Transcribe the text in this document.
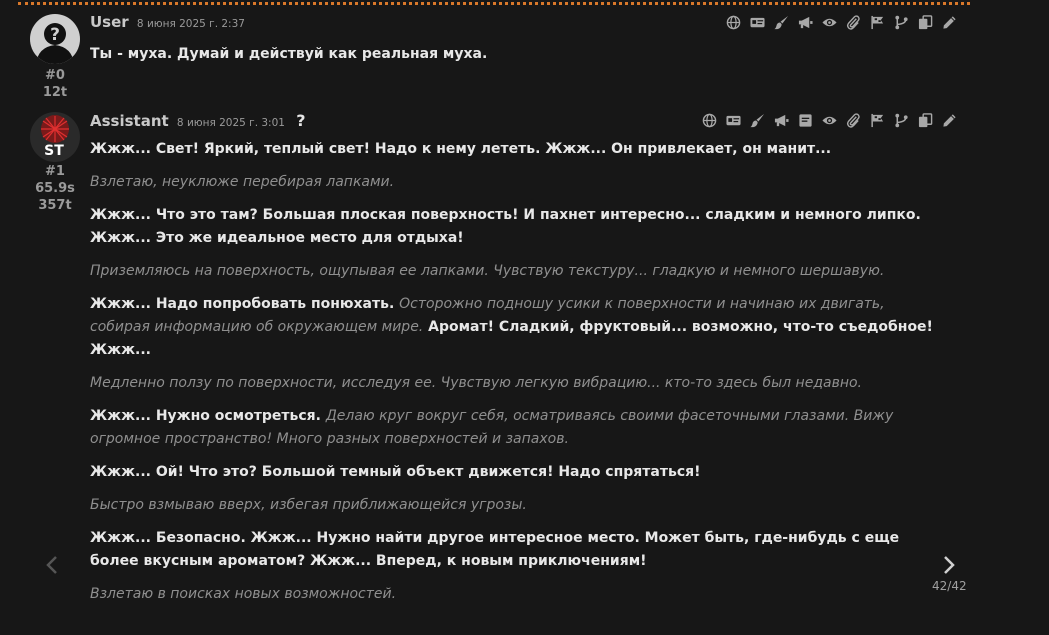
?
#0
12t
User 8 июня 2025 г. 2:37
Ты - муха. Думай и действуй как реальная муха.
ST
#1
65.9s
357t
Assistant 8 июня 2025 г. 3:01 ?
Жжж... Свет! Яркий, теплый свет! Надо к нему лететь. Жжж... Он привлекает, он манит...
Взлетаю, неуклюже перебирая лапками.
Жжж... Что это там? Большая плоская поверхность! И пахнет интересно... сладким и немного липко. Жжж... Это же идеальное место для отдыха!
Приземляюсь на поверхность, ощупывая ее лапками. Чувствую текстуру... гладкую и немного шершавую.
Жжж... Надо попробовать понюхать. Осторожно подношу усики к поверхности и начинаю их двигать, собирая информацию об окружающем мире. Аромат! Сладкий, фруктовый... возможно, что-то съедобное! Жжж...
Медленно ползу по поверхности, исследуя ее. Чувствую легкую вибрацию... кто-то здесь был недавно.
Жжж... Нужно осмотреться. Делаю круг вокруг себя, осматриваясь своими фасеточными глазами. Вижу огромное пространство! Много разных поверхностей и запахов.
Жжж... Ой! Что это? Большой темный объект движется! Надо спрятаться!
Быстро взмываю вверх, избегая приближающейся угрозы.
Жжж... Безопасно. Жжж... Нужно найти другое интересное место. Может быть, где-нибудь с еще более вкусным ароматом? Жжж... Вперед, к новым приключениям!
Взлетаю в поисках новых возможностей.	42/42
